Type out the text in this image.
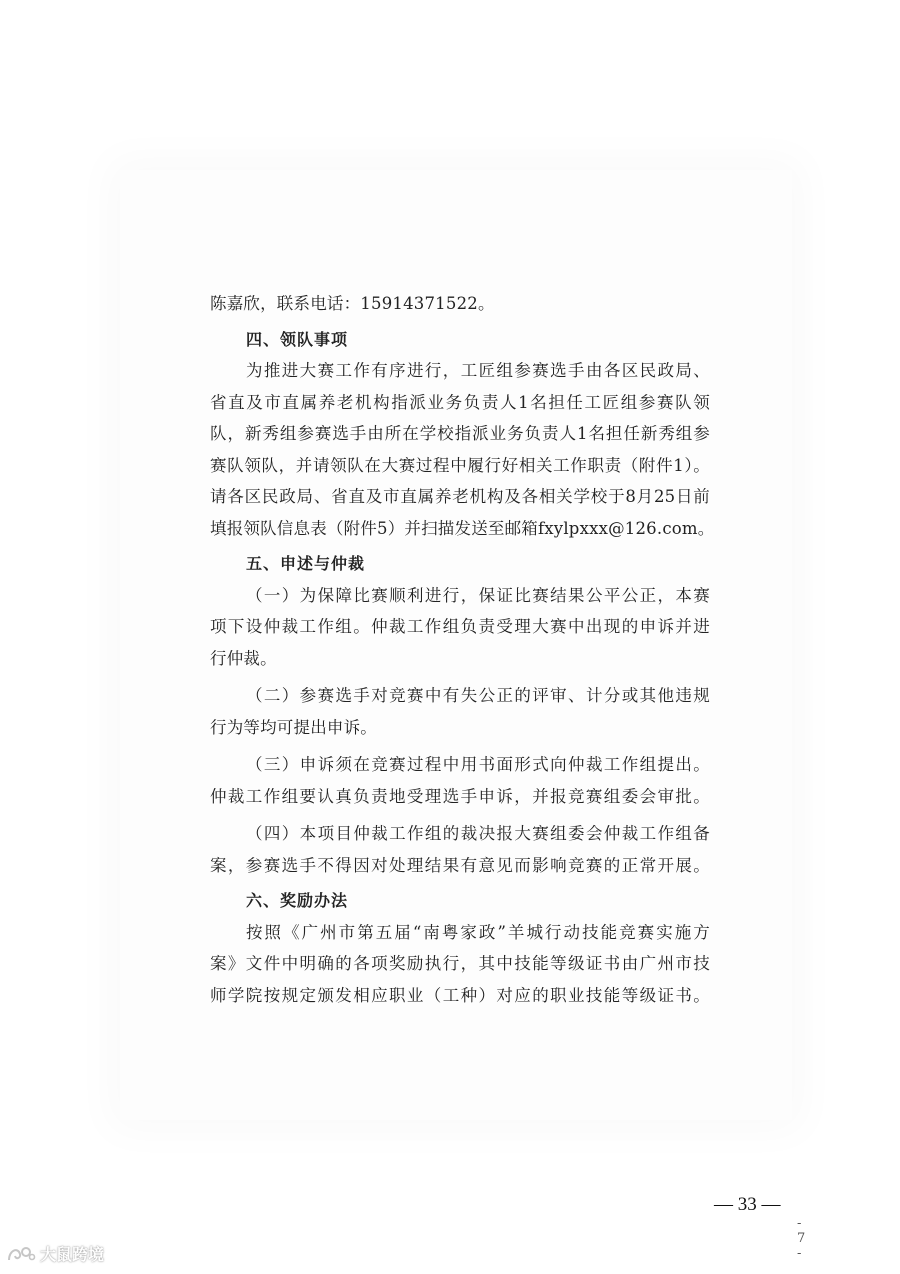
- 7 -
陈嘉欣，联系电话：15914371522。
四、领队事项
为推进大赛工作有序进行，工匠组参赛选手由各区民政局、
省直及市直属养老机构指派业务负责人1名担任工匠组参赛队领
队，新秀组参赛选手由所在学校指派业务负责人1名担任新秀组参
赛队领队，并请领队在大赛过程中履行好相关工作职责（附件1）。
请各区民政局、省直及市直属养老机构及各相关学校于8月25日前
填报领队信息表（附件5）并扫描发送至邮箱fxylpxxx@126.com。
五、申述与仲裁
（一）为保障比赛顺利进行，保证比赛结果公平公正，本赛
项下设仲裁工作组。仲裁工作组负责受理大赛中出现的申诉并进
行仲裁。
（二）参赛选手对竞赛中有失公正的评审、计分或其他违规
行为等均可提出申诉。
（三）申诉须在竞赛过程中用书面形式向仲裁工作组提出。
仲裁工作组要认真负责地受理选手申诉，并报竞赛组委会审批。
（四）本项目仲裁工作组的裁决报大赛组委会仲裁工作组备
案，参赛选手不得因对处理结果有意见而影响竞赛的正常开展。
六、奖励办法
按照《广州市第五届“南粤家政”羊城行动技能竞赛实施方
案》文件中明确的各项奖励执行，其中技能等级证书由广州市技
师学院按规定颁发相应职业（工种）对应的职业技能等级证书。
— 33 —
大鼠跨境
